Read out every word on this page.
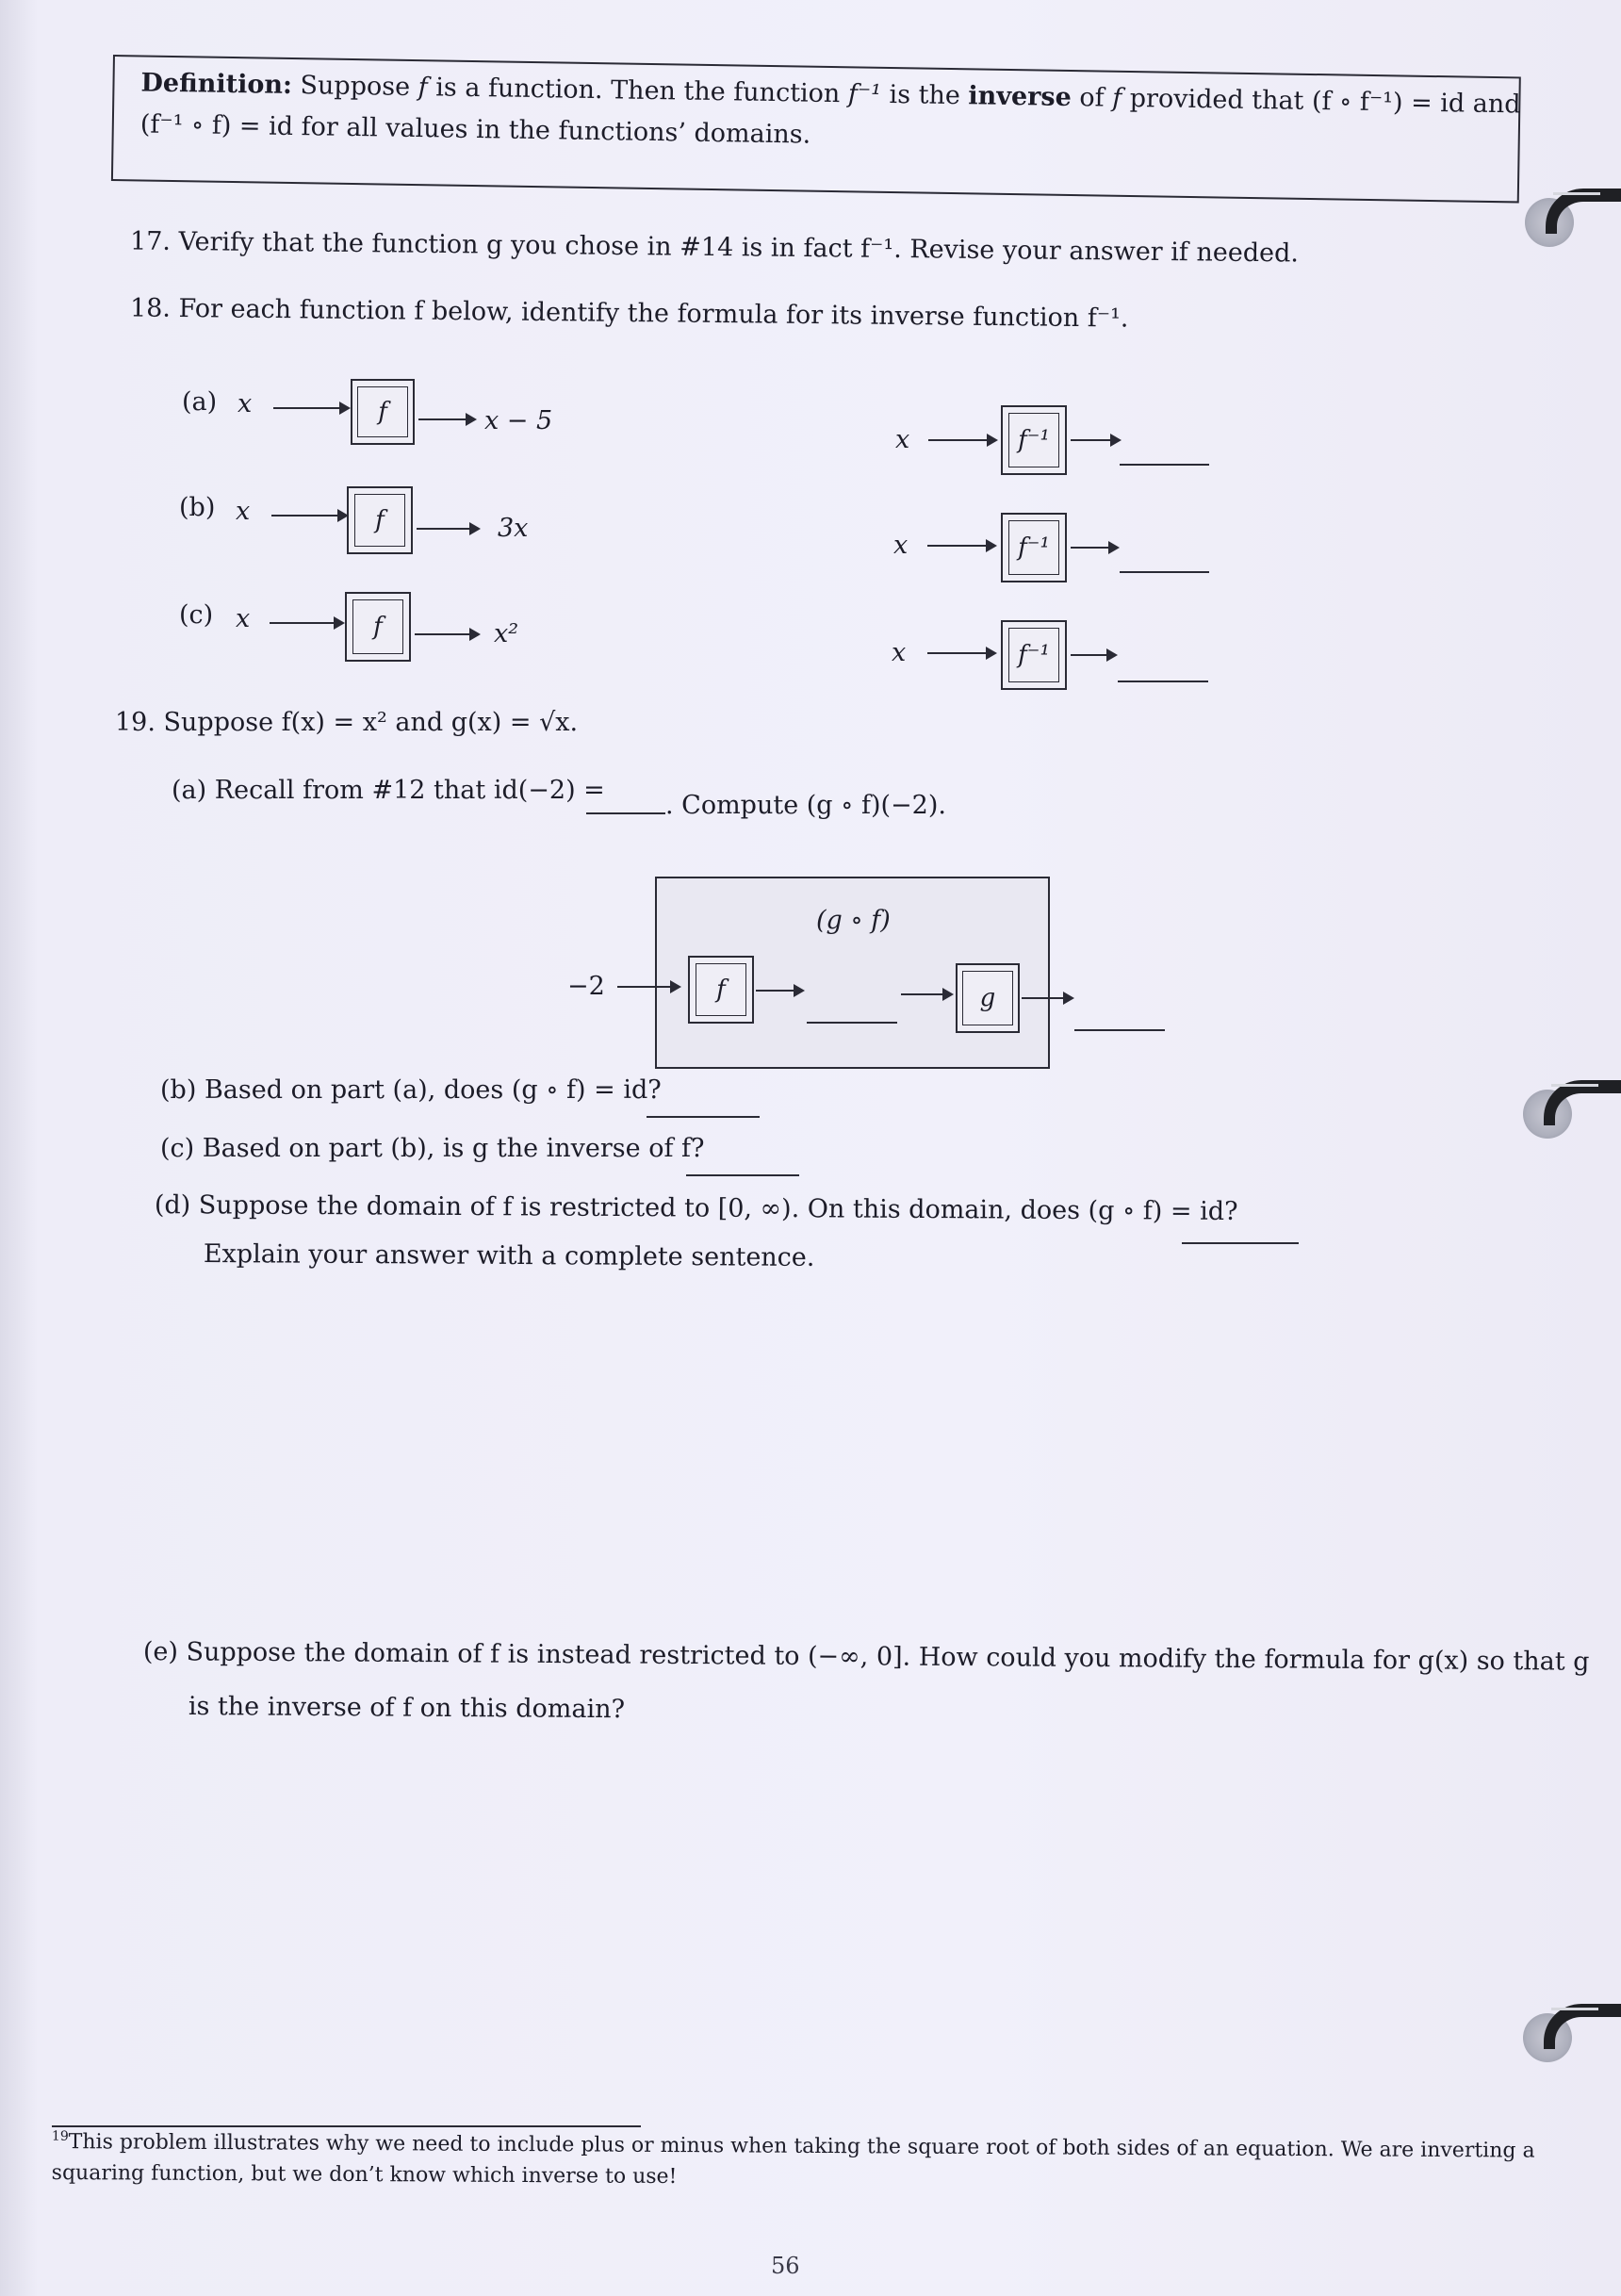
Definition: Suppose f is a function. Then the function f⁻¹ is the inverse of f provided that (f ∘ f⁻¹) = id and
(f⁻¹ ∘ f) = id for all values in the functions’ domains.
17. Verify that the function g you chose in #14 is in fact f⁻¹. Revise your answer if needed.
18. For each function f below, identify the formula for its inverse function f⁻¹.
(a) x	f	x − 5
x	f⁻¹
(b) x	f	3x
x	f⁻¹
(c) x	f	x²
x	f⁻¹
19. Suppose f(x) = x² and g(x) = √x.
(a) Recall from #12 that id(−2) =
. Compute (g ∘ f)(−2).
(g ∘ f)
−2	f	g
(b) Based on part (a), does (g ∘ f) = id?
(c) Based on part (b), is g the inverse of f?
(d) Suppose the domain of f is restricted to [0, ∞). On this domain, does (g ∘ f) = id?
Explain your answer with a complete sentence.
(e) Suppose the domain of f is instead restricted to (−∞, 0]. How could you modify the formula for g(x) so that g
is the inverse of f on this domain?
$^{19}$This problem illustrates why we need to include plus or minus when taking the square root of both sides of an equation. We are inverting a
squaring function, but we don’t know which inverse to use!
56
